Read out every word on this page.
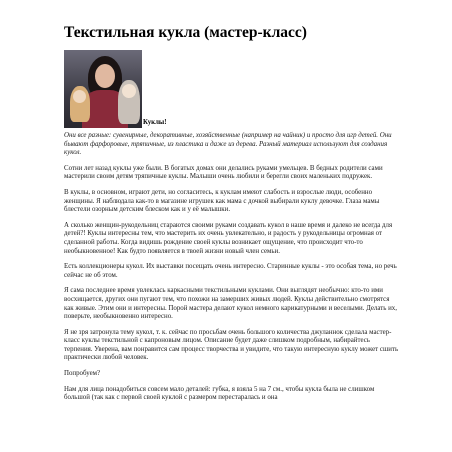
Текстильная кукла (мастер-класс)
Куклы!

Они все разные: сувенирные, декоративные, хозяйственные (например на чайник) и просто для игр детей. Они бывают фарфоровые, тряпичные, из пластика и даже из дерева. Разный материал используют для создания кукол.

Сотни лет назад куклы уже были. В богатых домах они делались руками умельцев. В бедных родители сами мастерили своим детям тряпичные куклы. Малыши очень любили и берегли своих маленьких подружек.

В куклы, в основном, играют дети, но согласитесь, к куклам имеют слабость и взрослые люди, особенно женщины. Я наблюдала как-то в магазине игрушек как мама с дочкой выбирали куклу девочке. Глаза мамы блестели озорным детским блеском как и у её малышки.

А сколько женщин-рукодельниц стараются своими руками создавать кукол в наше время и далеко не всегда для детей?! Куклы интересны тем, что мастерить их очень увлекательно, и радость у рукодельницы огромная от сделанной работы. Когда видишь рождение своей куклы возникает ощущение, что происходит что-то необыкновенное! Как будто появляется в твоей жизни новый член семьи.

Есть коллекционеры кукол. Их выставки посещать очень интересно. Старинные куклы - это особая тема, но речь сейчас не об этом.

Я сама последнее время увлеклась каркасными текстильными куклами. Они выглядят необычно: кто-то ими восхищается, других они пугают тем, что похожи на замерших живых людей. Куклы действительно смотрятся как живые. Этим они и интересны. Порой мастера делают кукол немного карикатурными и веселыми. Делать их, поверьте, необыкновенно интересно.

Я не зря затронула тему кукол, т. к. сейчас по просьбам очень большого количества джуланнок сделала мастер-класс куклы текстильной с капроновым лицом. Описание будет даже слишком подробным, набирайтесь терпения. Уверена, вам понравится сам процесс творчества и увидите, что такую интересную куклу может сшить практически любой человек.

Попробуем?

Нам для лица понадобиться совсем мало деталей: губка, я взяла 5 на 7 см., чтобы кукла была не слишком большой (так как с первой своей куклой с размером перестаралась и она
